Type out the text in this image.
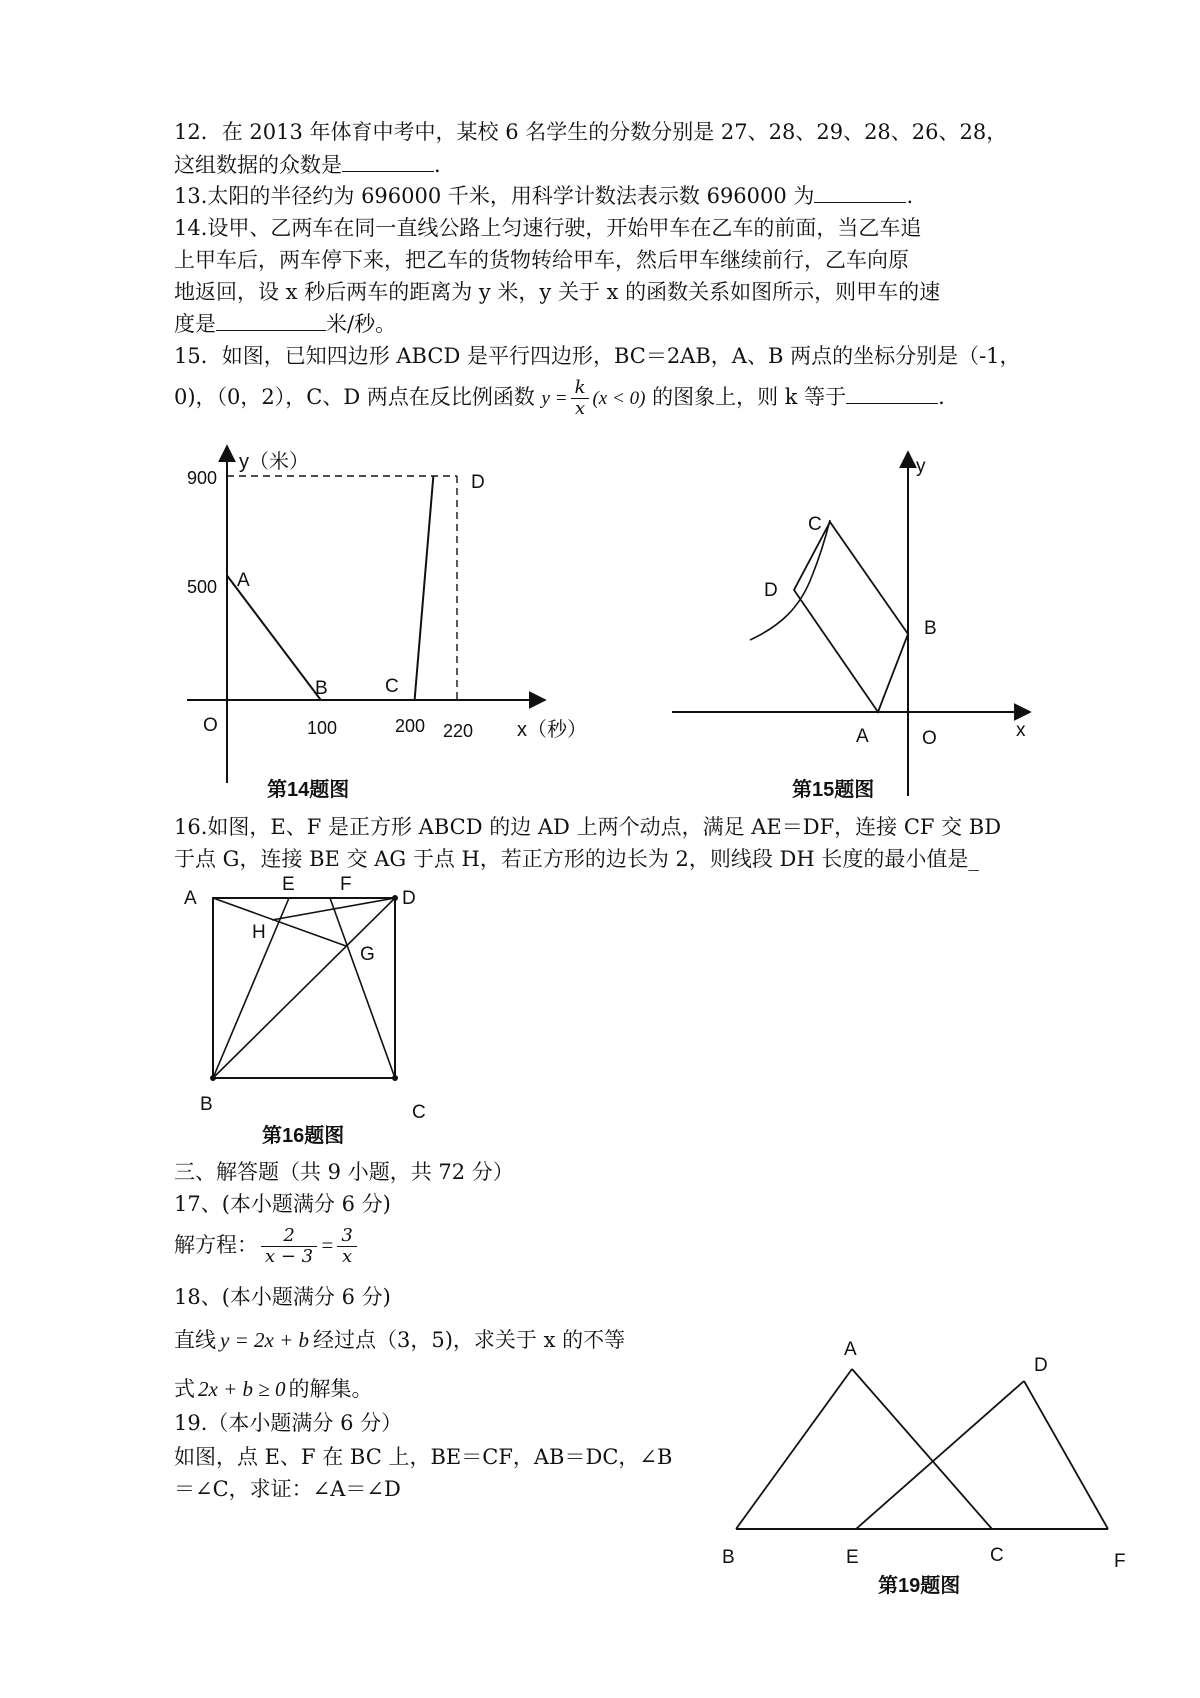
12．在 2013 年体育中考中，某校 6 名学生的分数分别是 27、28、29、28、26、28，
这组数据的众数是	.
13.太阳的半径约为 696000 千米，用科学计数法表示数 696000 为	.
14.设甲、乙两车在同一直线公路上匀速行驶，开始甲车在乙车的前面，当乙车追
上甲车后，两车停下来，把乙车的货物转给甲车，然后甲车继续前行，乙车向原
地返回，设 x 秒后两车的距离为 y 米，y 关于 x 的函数关系如图所示，则甲车的速
度是	米/秒。
15．如图，已知四边形 ABCD 是平行四边形，BC＝2AB，A、B 两点的坐标分别是（-1，
0)，（0，2），C、D 两点在反比例函数 $y = \frac{k}{x} (x < 0)$ 的图象上，则 k 等于	.
y（米）
x（秒）
O
900
500
100	200 220
A
B	C
D
第14题图
y
x
O
A
B
C
D
第15题图
16.如图，E、F 是正方形 ABCD 的边 AD 上两个动点，满足 AE＝DF，连接 CF 交 BD
于点 G，连接 BE 交 AG 于点 H，若正方形的边长为 2，则线段 DH 长度的最小值是_
A	D
E F
H
G
B	C
第16题图
三、解答题（共 9 小题，共 72 分）
17、(本小题满分 6 分)
解方程： $\frac{2}{x - 3} = \frac{3}{x}$
18、(本小题满分 6 分)
直线 y = 2x + b 经过点（3，5)，求关于 x 的不等
式 2x + b ≥ 0 的解集。
19.（本小题满分 6 分）
如图，点 E、F 在 BC 上，BE＝CF，AB＝DC，∠B
＝∠C，求证：∠A＝∠D
A
D
B	E	C	F
第19题图
